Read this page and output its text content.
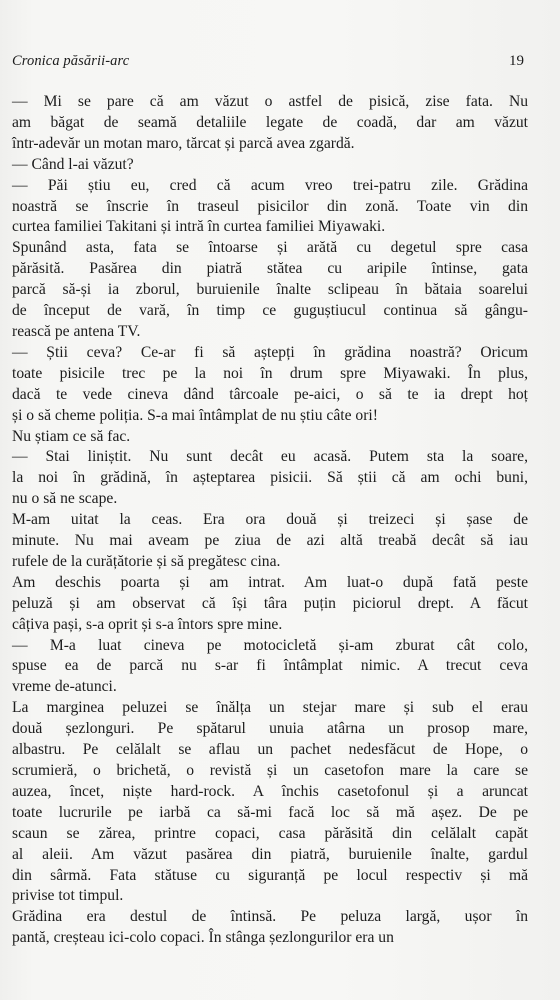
Cronica păsării-arc	19
— Mi se pare că am văzut o astfel de pisică, zise fata. Nu
am băgat de seamă detaliile legate de coadă, dar am văzut
într-adevăr un motan maro, tărcat și parcă avea zgardă.
— Când l-ai văzut?
— Păi știu eu, cred că acum vreo trei-patru zile. Grădina
noastră se înscrie în traseul pisicilor din zonă. Toate vin din
curtea familiei Takitani și intră în curtea familiei Miyawaki.
Spunând asta, fata se întoarse și arătă cu degetul spre casa
părăsită. Pasărea din piatră stătea cu aripile întinse, gata
parcă să-și ia zborul, buruienile înalte sclipeau în bătaia soarelui
de început de vară, în timp ce guguștiucul continua să gângu-
rească pe antena TV.
— Știi ceva? Ce-ar fi să aștepți în grădina noastră? Oricum
toate pisicile trec pe la noi în drum spre Miyawaki. În plus,
dacă te vede cineva dând târcoale pe-aici, o să te ia drept hoț
și o să cheme poliția. S-a mai întâmplat de nu știu câte ori!
Nu știam ce să fac.
— Stai liniștit. Nu sunt decât eu acasă. Putem sta la soare,
la noi în grădină, în așteptarea pisicii. Să știi că am ochi buni,
nu o să ne scape.
M-am uitat la ceas. Era ora două și treizeci și șase de
minute. Nu mai aveam pe ziua de azi altă treabă decât să iau
rufele de la curățătorie și să pregătesc cina.
Am deschis poarta și am intrat. Am luat-o după fată peste
peluză și am observat că își târa puțin piciorul drept. A făcut
câțiva pași, s-a oprit și s-a întors spre mine.
— M-a luat cineva pe motocicletă și-am zburat cât colo,
spuse ea de parcă nu s-ar fi întâmplat nimic. A trecut ceva
vreme de-atunci.
La marginea peluzei se înălța un stejar mare și sub el erau
două șezlonguri. Pe spătarul unuia atârna un prosop mare,
albastru. Pe celălalt se aflau un pachet nedesfăcut de Hope, o
scrumieră, o brichetă, o revistă și un casetofon mare la care se
auzea, încet, niște hard-rock. A închis casetofonul și a aruncat
toate lucrurile pe iarbă ca să-mi facă loc să mă așez. De pe
scaun se zărea, printre copaci, casa părăsită din celălalt capăt
al aleii. Am văzut pasărea din piatră, buruienile înalte, gardul
din sârmă. Fata stătuse cu siguranță pe locul respectiv și mă
privise tot timpul.
Grădina era destul de întinsă. Pe peluza largă, ușor în
pantă, creșteau ici-colo copaci. În stânga șezlongurilor era un
